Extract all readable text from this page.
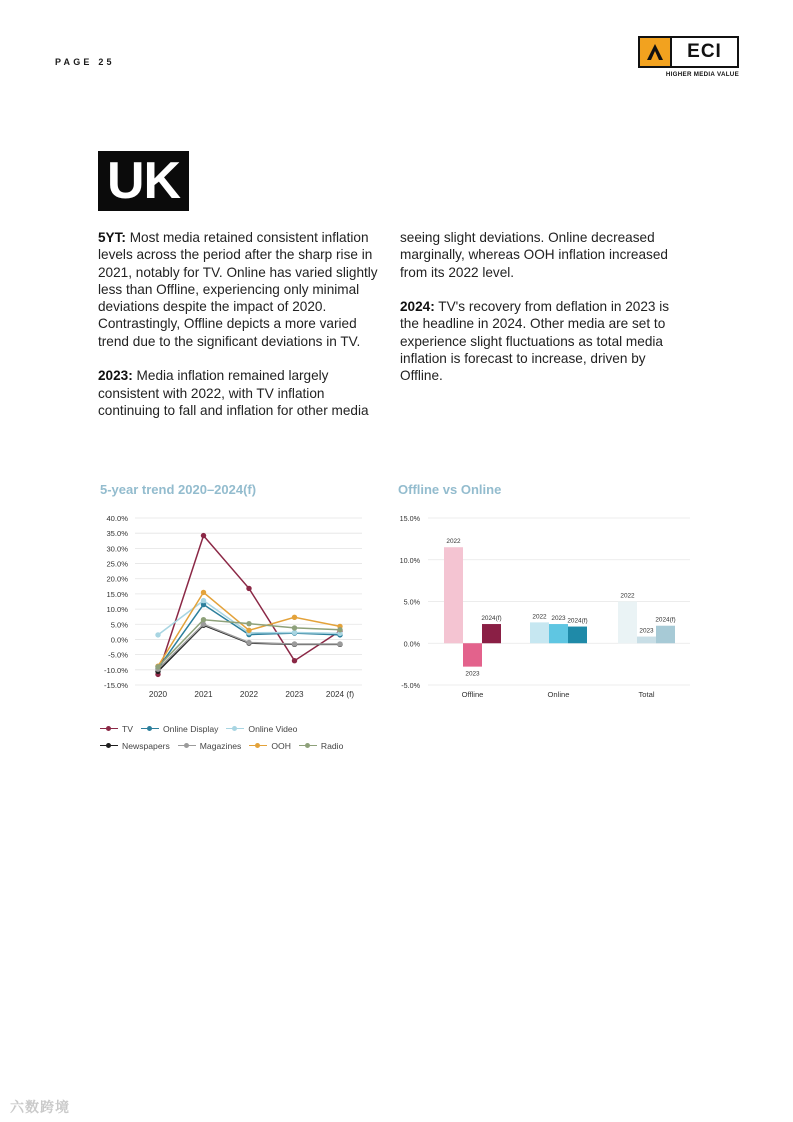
PAGE 25	ECI
HIGHER MEDIA VALUE
UK

5YT: Most media retained consistent inflation levels across the period after the sharp rise in 2021, notably for TV. Online has varied slightly less than Offline, experiencing only minimal deviations despite the impact of 2020. Contrastingly, Offline depicts a more varied trend due to the significant deviations in TV.

2023: Media inflation remained largely consistent with 2022, with TV inflation continuing to fall and inflation for other media

seeing slight deviations. Online decreased marginally, whereas OOH inflation increased from its 2022 level.

2024: TV's recovery from deflation in 2023 is the headline in 2024. Other media are set to experience slight fluctuations as total media inflation is forecast to increase, driven by Offline.

5-year trend 2020–2024(f)
40.0%
35.0%
30.0%
25.0%
20.0%
15.0%
10.0%
5.0%
0.0%
-5.0%
-10.0%
-15.0%
2020	2021	2022	2023	2024 (f)
TV	Online Display	Online Video
Newspapers	Magazines	OOH	Radio
Offline vs Online
15.0%
10.0%
5.0%
0.0%
-5.0%
2022
2023
2024(f)
Offline
2022 2023 2024(f)
Online
2022
2023
2024(f)
Total
六数跨境
